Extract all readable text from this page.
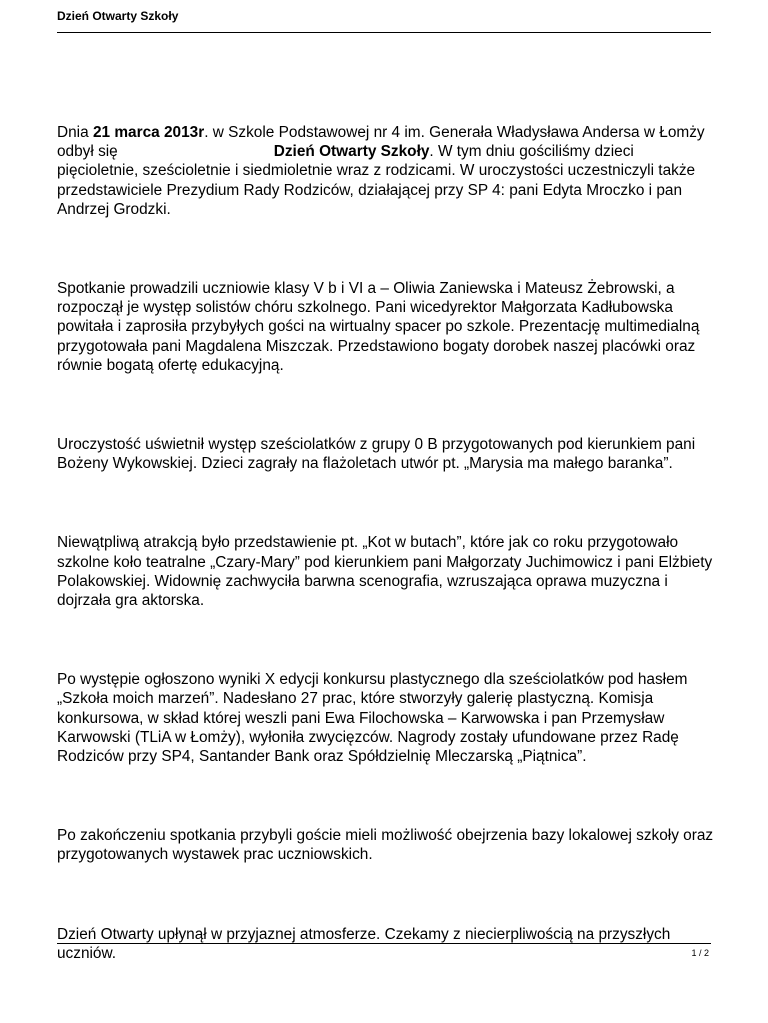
Dzień Otwarty Szkoły

Dnia 21 marca 2013r. w Szkole Podstawowej nr 4 im. Generała Władysława Andersa w Łomży odbył się	Dzień Otwarty Szkoły. W tym dniu gościliśmy dzieci pięcioletnie, sześcioletnie i siedmioletnie wraz z rodzicami. W uroczystości uczestniczyli także przedstawiciele Prezydium Rady Rodziców, działającej przy SP 4: pani Edyta Mroczko i pan Andrzej Grodzki.

Spotkanie prowadzili uczniowie klasy V b i VI a – Oliwia Zaniewska i Mateusz Żebrowski, a rozpoczął je występ solistów chóru szkolnego. Pani wicedyrektor Małgorzata Kadłubowska powitała i zaprosiła przybyłych gości na wirtualny spacer po szkole. Prezentację multimedialną przygotowała pani Magdalena Miszczak. Przedstawiono bogaty dorobek naszej placówki oraz równie bogatą ofertę edukacyjną.

Uroczystość uświetnił występ sześciolatków z grupy 0 B przygotowanych pod kierunkiem pani Bożeny Wykowskiej. Dzieci zagrały na flażoletach utwór pt. „Marysia ma małego baranka”.

Niewątpliwą atrakcją było przedstawienie pt. „Kot w butach”, które jak co roku przygotowało szkolne koło teatralne „Czary-Mary” pod kierunkiem pani Małgorzaty Juchimowicz i pani Elżbiety Polakowskiej. Widownię zachwyciła barwna scenografia, wzruszająca oprawa muzyczna i dojrzała gra aktorska.

Po występie ogłoszono wyniki X edycji konkursu plastycznego dla sześciolatków pod hasłem „Szkoła moich marzeń”. Nadesłano 27 prac, które stworzyły galerię plastyczną. Komisja konkursowa, w skład której weszli pani Ewa Filochowska – Karwowska i pan Przemysław Karwowski (TLiA w Łomży), wyłoniła zwycięzców. Nagrody zostały ufundowane przez Radę Rodziców przy SP4, Santander Bank oraz Spółdzielnię Mleczarską „Piątnica”.

Po zakończeniu spotkania przybyli goście mieli możliwość obejrzenia bazy lokalowej szkoły oraz przygotowanych wystawek prac uczniowskich.

Dzień Otwarty upłynął w przyjaznej atmosferze. Czekamy z niecierpliwością na przyszłych uczniów.	1 / 2
